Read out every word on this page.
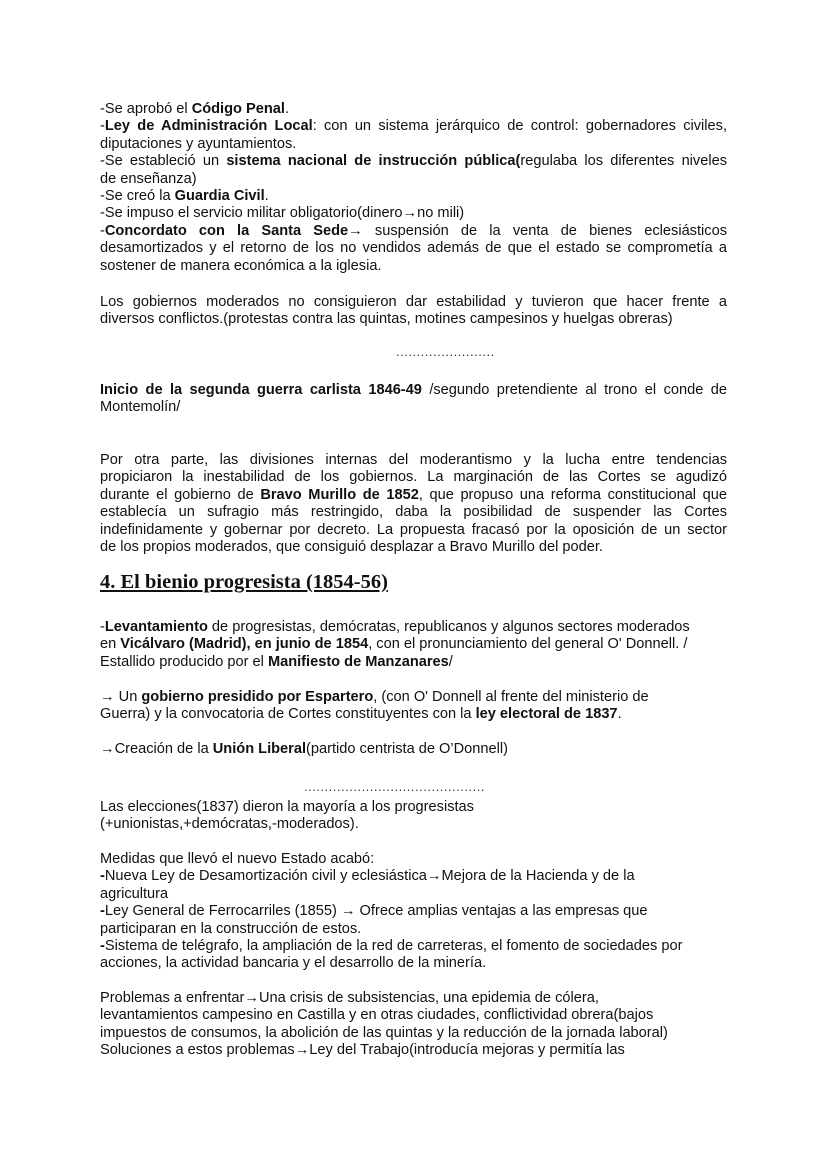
........................
4. El bienio progresista (1854-56)
............................................
-Se aprobó el Código Penal.
-Ley de Administración Local: con un sistema jerárquico de control: gobernadores civiles,
diputaciones y ayuntamientos.
-Se estableció un sistema nacional de instrucción pública(regulaba los diferentes niveles
de enseñanza)
-Se creó la Guardia Civil.
-Se impuso el servicio militar obligatorio(dinero→no mili)
-Concordato con la Santa Sede→ suspensión de la venta de bienes eclesiásticos
desamortizados y el retorno de los no vendidos además de que el estado se comprometía a
sostener de manera económica a la iglesia.
Los gobiernos moderados no consiguieron dar estabilidad y tuvieron que hacer frente a
diversos conflictos.(protestas contra las quintas, motines campesinos y huelgas obreras)
Inicio de la segunda guerra carlista 1846-49 /segundo pretendiente al trono el conde de
Montemolín/
Por otra parte, las divisiones internas del moderantismo y la lucha entre tendencias
propiciaron la inestabilidad de los gobiernos. La marginación de las Cortes se agudizó
durante el gobierno de Bravo Murillo de 1852, que propuso una reforma constitucional que
establecía un sufragio más restringido, daba la posibilidad de suspender las Cortes
indefinidamente y gobernar por decreto. La propuesta fracasó por la oposición de un sector
de los propios moderados, que consiguió desplazar a Bravo Murillo del poder.
-Levantamiento de progresistas, demócratas, republicanos y algunos sectores moderados
en Vicálvaro (Madrid), en junio de 1854, con el pronunciamiento del general O' Donnell. /
Estallido producido por el Manifiesto de Manzanares/
→ Un gobierno presidido por Espartero, (con O' Donnell al frente del ministerio de
Guerra) y la convocatoria de Cortes constituyentes con la ley electoral de 1837.
→Creación de la Unión Liberal(partido centrista de O’Donnell)
Las elecciones(1837) dieron la mayoría a los progresistas
(+unionistas,+demócratas,-moderados).
Medidas que llevó el nuevo Estado acabó:
-Nueva Ley de Desamortización civil y eclesiástica→Mejora de la Hacienda y de la
agricultura
-Ley General de Ferrocarriles (1855) → Ofrece amplias ventajas a las empresas que
participaran en la construcción de estos.
-Sistema de telégrafo, la ampliación de la red de carreteras, el fomento de sociedades por
acciones, la actividad bancaria y el desarrollo de la minería.
Problemas a enfrentar→Una crisis de subsistencias, una epidemia de cólera,
levantamientos campesino en Castilla y en otras ciudades, conflictividad obrera(bajos
impuestos de consumos, la abolición de las quintas y la reducción de la jornada laboral)
Soluciones a estos problemas→Ley del Trabajo(introducía mejoras y permitía las
